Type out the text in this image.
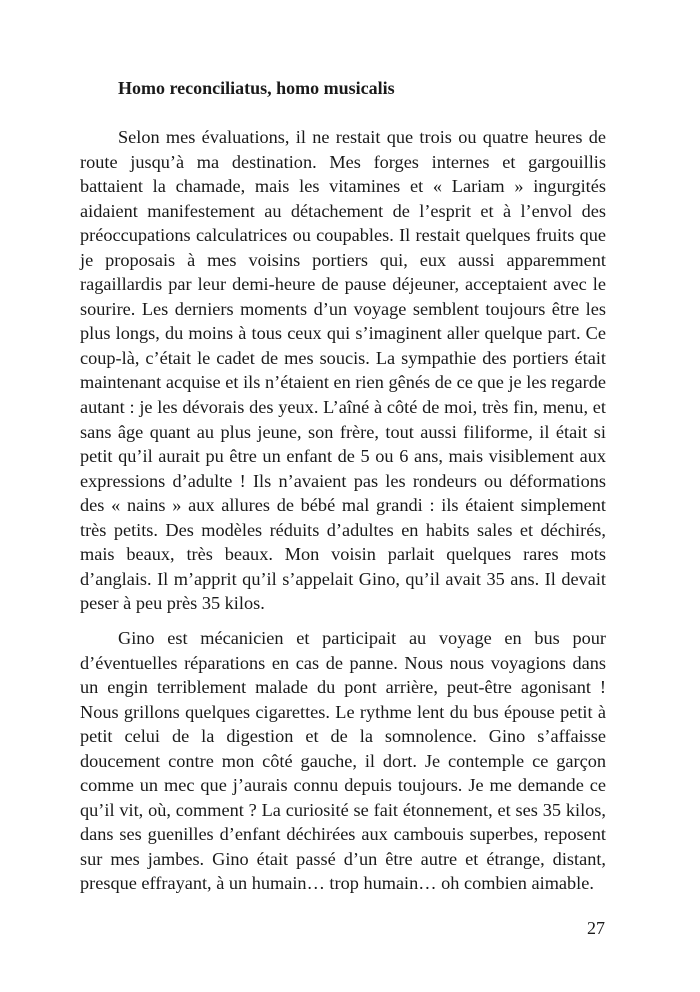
Homo reconciliatus, homo musicalis

Selon mes évaluations, il ne restait que trois ou quatre heures de route jusqu’à ma destination. Mes forges internes et gargouillis battaient la chamade, mais les vitamines et « Lariam » ingurgités aidaient manifestement au détachement de l’esprit et à l’envol des préoccupations calculatrices ou coupables. Il restait quelques fruits que je proposais à mes voisins portiers qui, eux aussi apparemment ragaillardis par leur demi-heure de pause déjeuner, acceptaient avec le sourire. Les derniers moments d’un voyage semblent toujours être les plus longs, du moins à tous ceux qui s’imaginent aller quelque part. Ce coup-là, c’était le cadet de mes soucis. La sympathie des portiers était maintenant acquise et ils n’étaient en rien gênés de ce que je les regarde autant : je les dévorais des yeux. L’aîné à côté de moi, très fin, menu, et sans âge quant au plus jeune, son frère, tout aussi filiforme, il était si petit qu’il aurait pu être un enfant de 5 ou 6 ans, mais visiblement aux expressions d’adulte ! Ils n’avaient pas les rondeurs ou déformations des « nains » aux allures de bébé mal grandi : ils étaient simplement très petits. Des modèles réduits d’adultes en habits sales et déchirés, mais beaux, très beaux. Mon voisin parlait quelques rares mots d’anglais. Il m’apprit qu’il s’appelait Gino, qu’il avait 35 ans. Il devait peser à peu près 35 kilos.

Gino est mécanicien et participait au voyage en bus pour d’éventuelles réparations en cas de panne. Nous nous voyagions dans un engin terriblement malade du pont arrière, peut-être agonisant ! Nous grillons quelques cigarettes. Le rythme lent du bus épouse petit à petit celui de la digestion et de la somnolence. Gino s’affaisse doucement contre mon côté gauche, il dort. Je contemple ce garçon comme un mec que j’aurais connu depuis toujours. Je me demande ce qu’il vit, où, comment ? La curiosité se fait étonnement, et ses 35 kilos, dans ses guenilles d’enfant déchirées aux cambouis superbes, reposent sur mes jambes. Gino était passé d’un être autre et étrange, distant, presque effrayant, à un humain… trop humain… oh combien aimable.

27
